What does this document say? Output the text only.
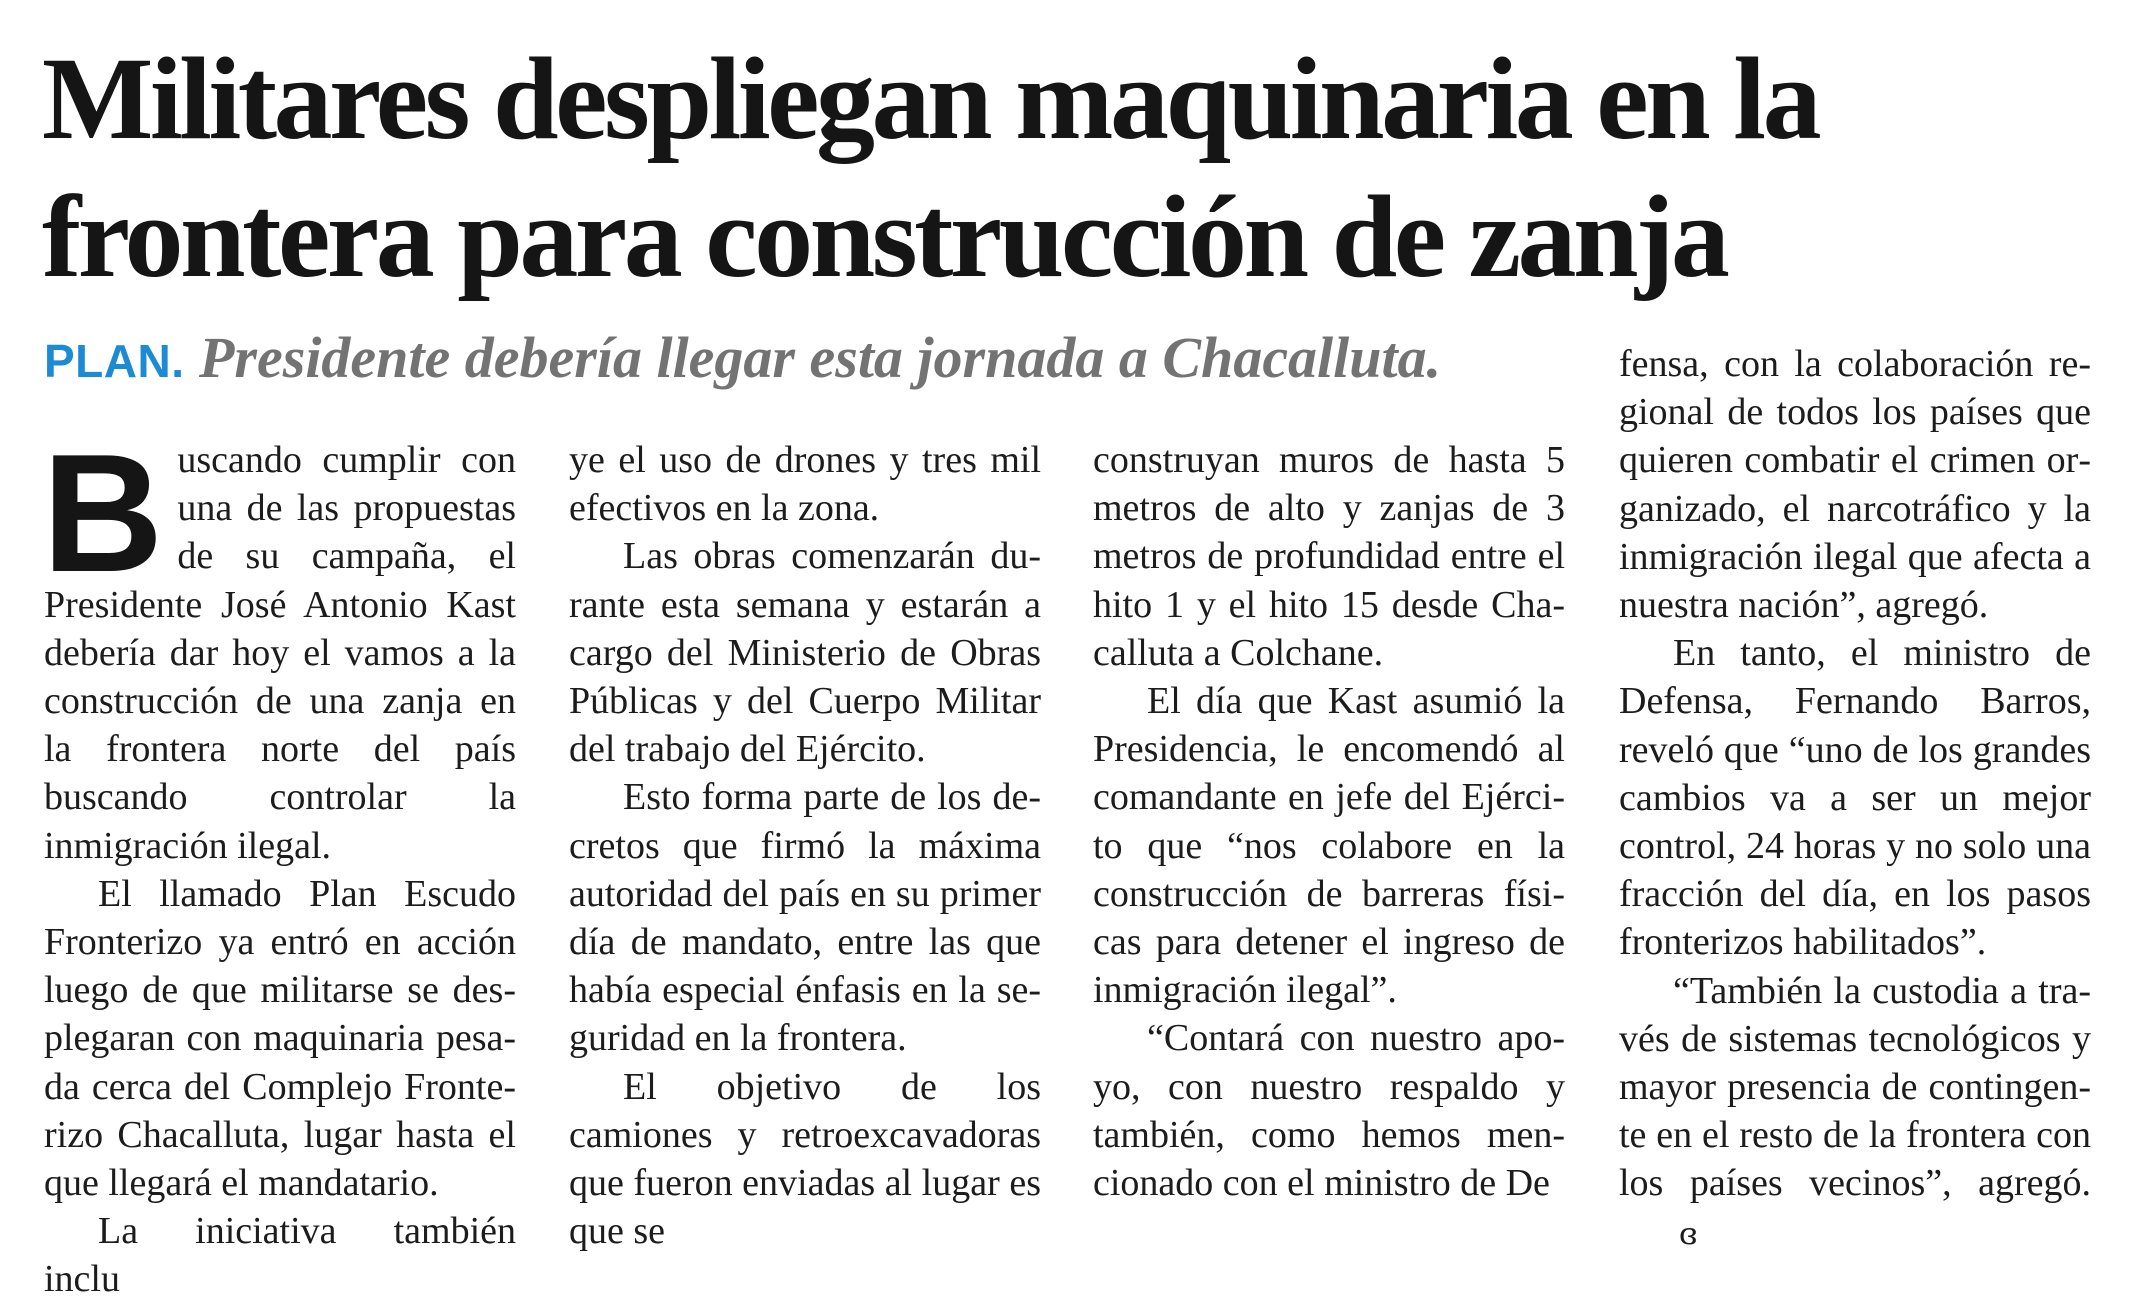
Militares despliegan maquinaria en la
frontera para construcción de zanja
PLAN. Presidente debería llegar esta jornada a Chacalluta.

Buscando cumplir con una de las propuestas de su campaña, el Presidente José Antonio Kast debería dar hoy el vamos a la construcción de una zanja en la frontera norte del país buscando controlar la inmigración ilegal.

El llamado Plan Escudo Fronterizo ya entró en acción luego de que militarse se desplegaran con maquinaria pesada cerca del Complejo Fronterizo Chacalluta, lugar hasta el que llegará el mandatario.

La iniciativa también inclu

ye el uso de drones y tres mil efectivos en la zona.

Las obras comenzarán durante esta semana y estarán a cargo del Ministerio de Obras Públicas y del Cuerpo Militar del trabajo del Ejército.

Esto forma parte de los decretos que firmó la máxima autoridad del país en su primer día de mandato, entre las que había especial énfasis en la seguridad en la frontera.

El objetivo de los camiones y retroexcavadoras que fueron enviadas al lugar es que se

construyan muros de hasta 5 metros de alto y zanjas de 3 metros de profundidad entre el hito 1 y el hito 15 desde Chacalluta a Colchane.

El día que Kast asumió la Presidencia, le encomendó al comandante en jefe del Ejército que “nos colabore en la construcción de barreras físicas para detener el ingreso de inmigración ilegal”.

“Contará con nuestro apoyo, con nuestro respaldo y también, como hemos mencionado con el ministro de De

fensa, con la colaboración regional de todos los países que quieren combatir el crimen organizado, el narcotráfico y la inmigración ilegal que afecta a nuestra nación”, agregó.

En tanto, el ministro de Defensa, Fernando Barros, reveló que “uno de los grandes cambios va a ser un mejor control, 24 horas y no solo una fracción del día, en los pasos fronterizos habilitados”.

“También la custodia a través de sistemas tecnológicos y mayor presencia de contingente en el resto de la frontera con los países vecinos”, agregó.ɞ
